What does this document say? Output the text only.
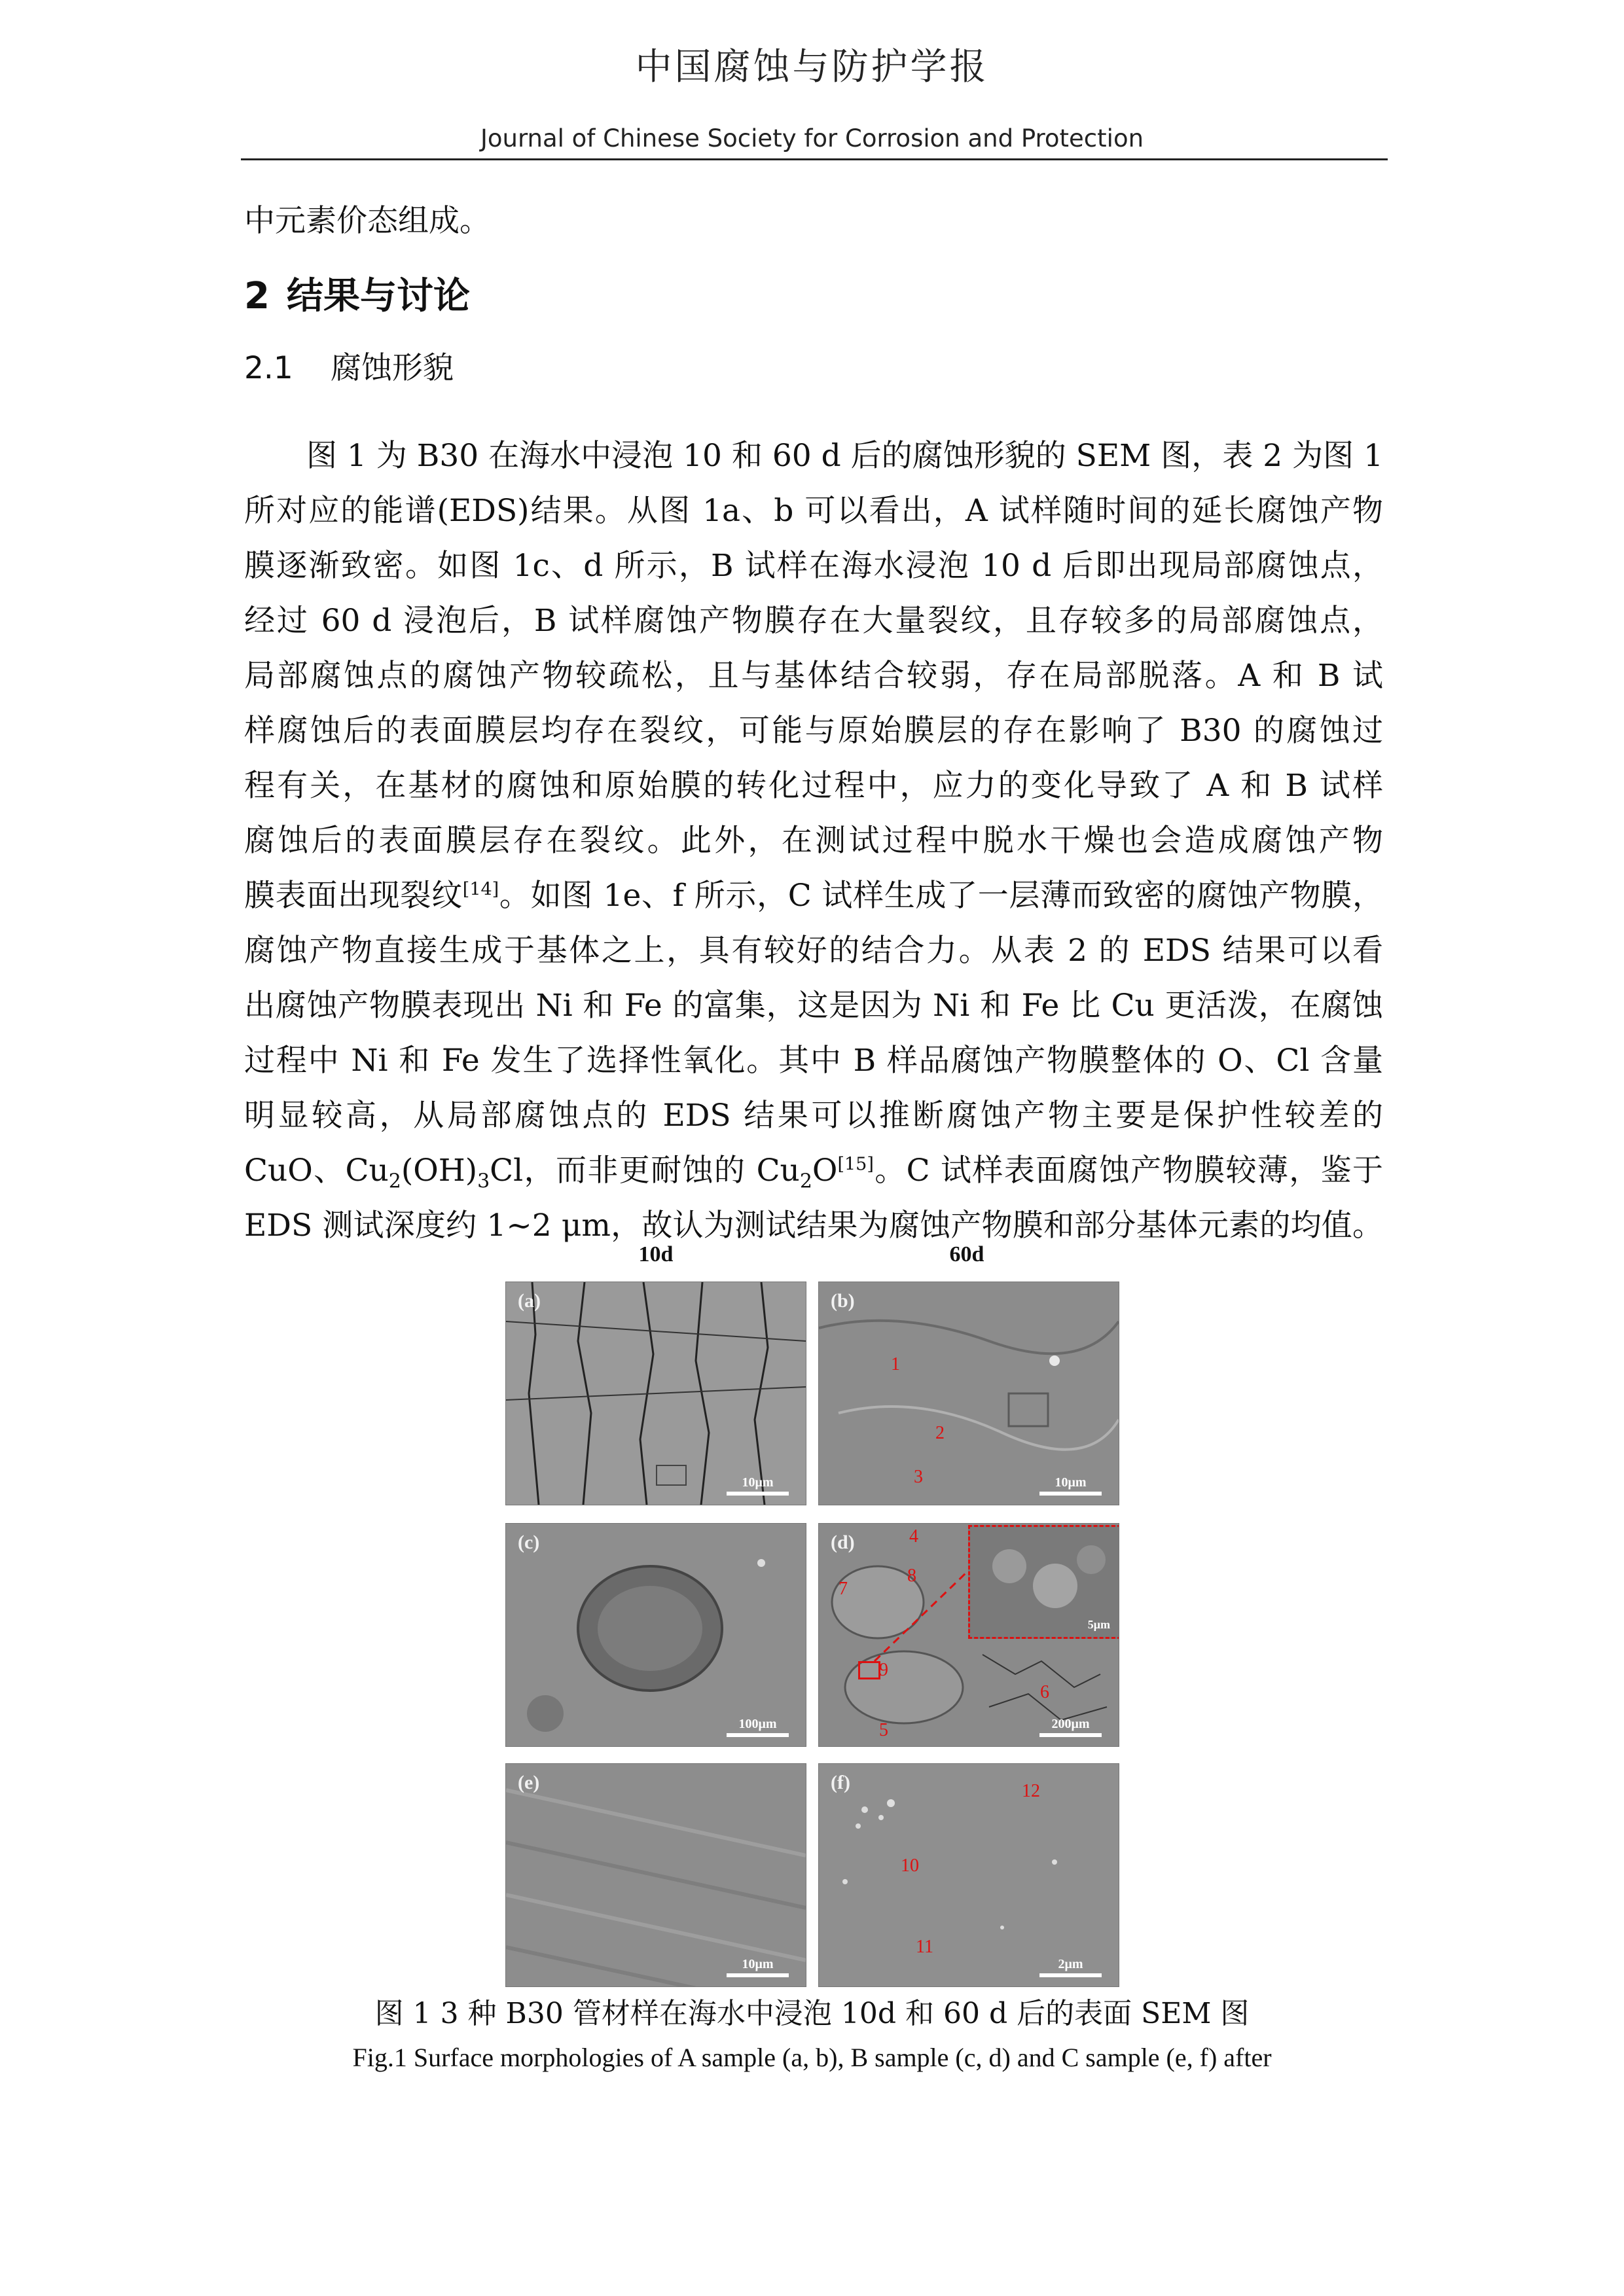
中国腐蚀与防护学报
Journal of Chinese Society for Corrosion and Protection
中元素价态组成。
2 结果与讨论
2.1 腐蚀形貌
图 1 为 B30 在海水中浸泡 10 和 60 d 后的腐蚀形貌的 SEM 图，表 2 为图 1
所对应的能谱(EDS)结果。从图 1a、b 可以看出，A 试样随时间的延长腐蚀产物
膜逐渐致密。如图 1c、d 所示，B 试样在海水浸泡 10 d 后即出现局部腐蚀点，
经过 60 d 浸泡后，B 试样腐蚀产物膜存在大量裂纹，且存较多的局部腐蚀点，
局部腐蚀点的腐蚀产物较疏松，且与基体结合较弱，存在局部脱落。A 和 B 试
样腐蚀后的表面膜层均存在裂纹，可能与原始膜层的存在影响了 B30 的腐蚀过
程有关，在基材的腐蚀和原始膜的转化过程中，应力的变化导致了 A 和 B 试样
腐蚀后的表面膜层存在裂纹。此外，在测试过程中脱水干燥也会造成腐蚀产物
膜表面出现裂纹[14]。如图 1e、f 所示，C 试样生成了一层薄而致密的腐蚀产物膜，
腐蚀产物直接生成于基体之上，具有较好的结合力。从表 2 的 EDS 结果可以看
出腐蚀产物膜表现出 Ni 和 Fe 的富集，这是因为 Ni 和 Fe 比 Cu 更活泼，在腐蚀
过程中 Ni 和 Fe 发生了选择性氧化。其中 B 样品腐蚀产物膜整体的 O、Cl 含量
明显较高，从局部腐蚀点的 EDS 结果可以推断腐蚀产物主要是保护性较差的
CuO、$Cu_2(OH)_3Cl$，而非更耐蚀的 $Cu_2O[15]$。C 试样表面腐蚀产物膜较薄，鉴于
EDS 测试深度约 1~2 μm，故认为测试结果为腐蚀产物膜和部分基体元素的均值。
10d	60d
(a)
10μm
(b)
1
2
3	10μm
(c)
100μm
5μm
(d)	4
5
6
7
8
9
200μm
(e)
10μm
(f)
10
11
12
2μm
图 1 3 种 B30 管材样在海水中浸泡 10d 和 60 d 后的表面 SEM 图
Fig.1 Surface morphologies of A sample (a, b), B sample (c, d) and C sample (e, f) after
